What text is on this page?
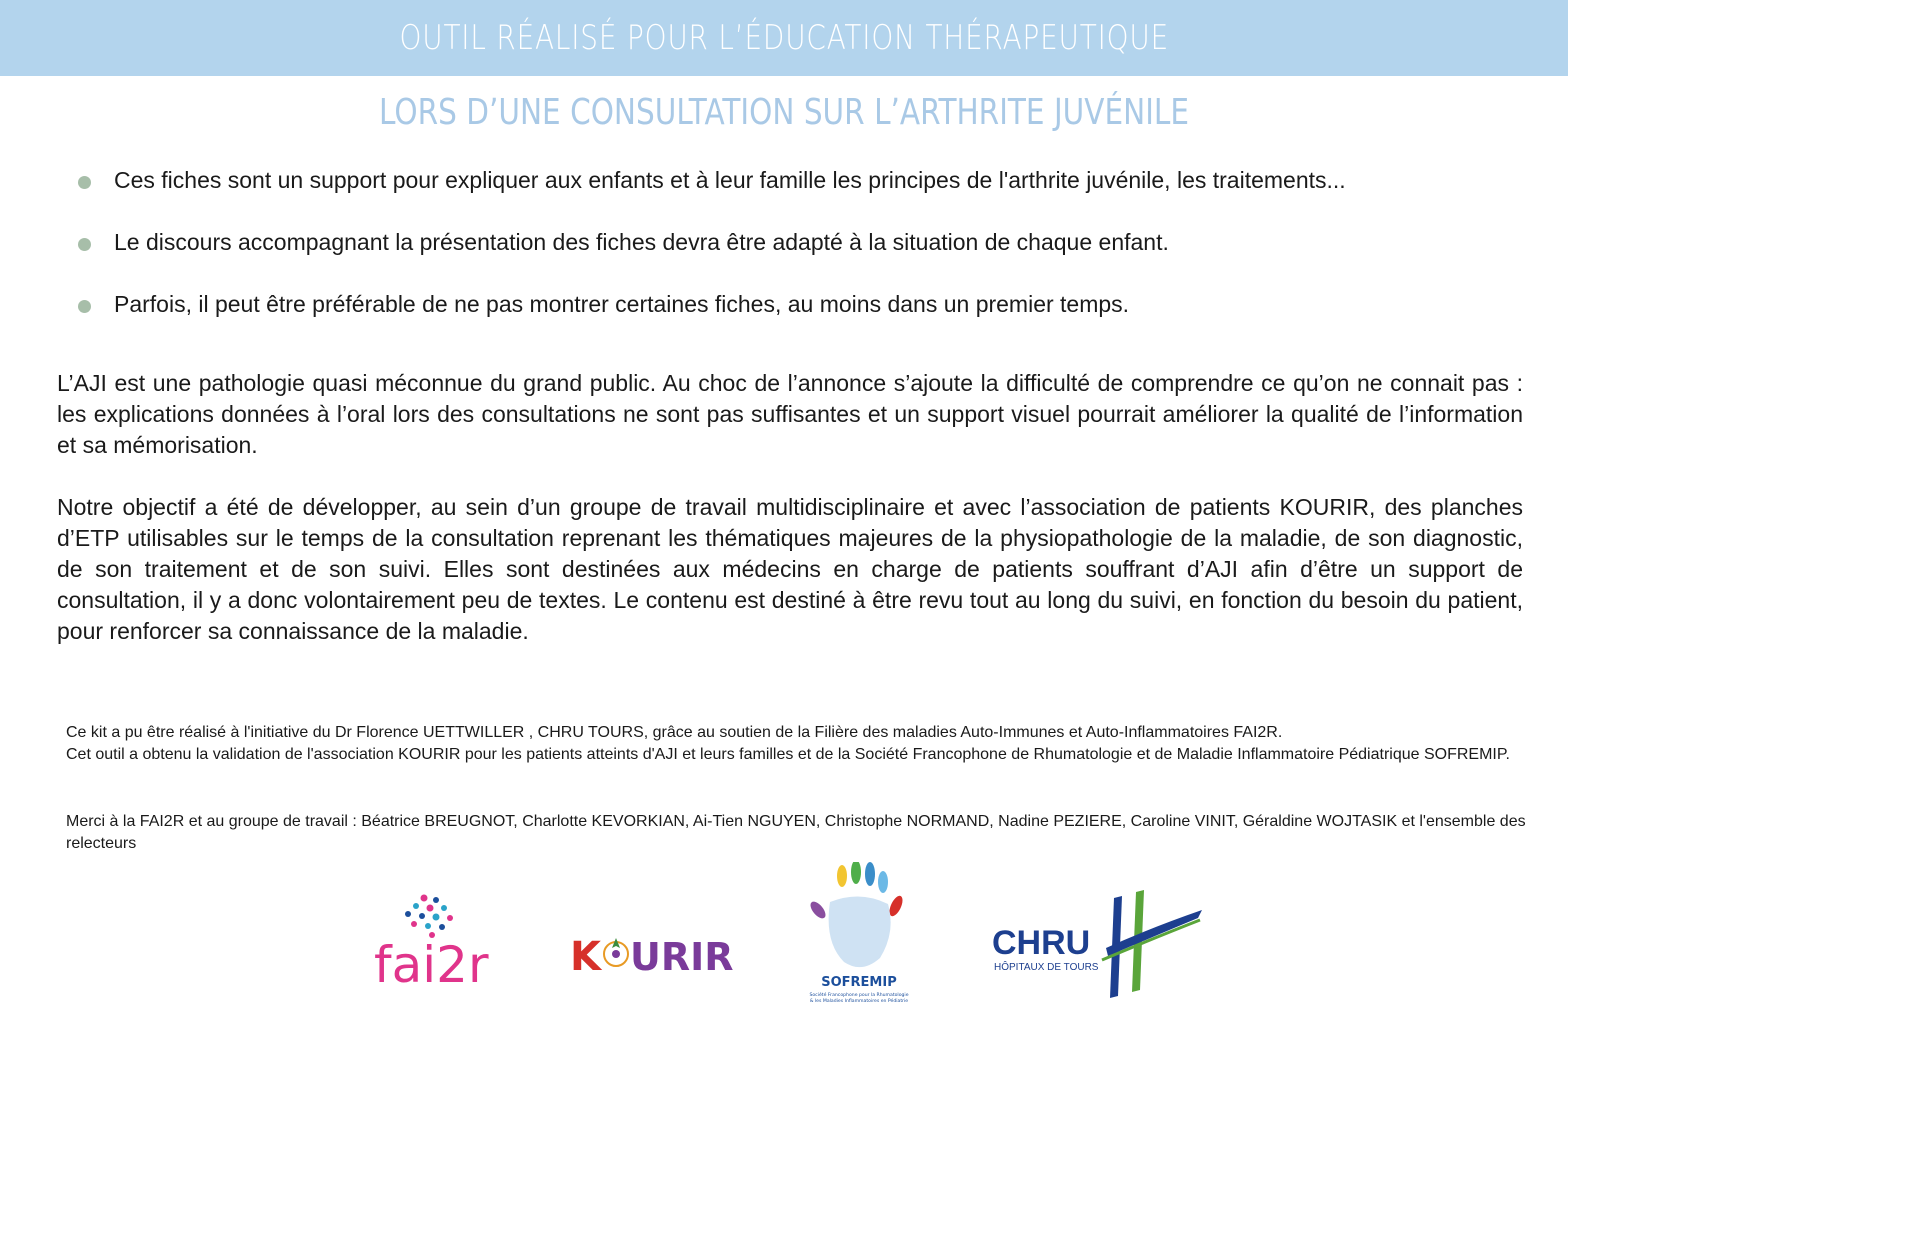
OUTIL RÉALISÉ POUR L’ÉDUCATION THÉRAPEUTIQUE
LORS D’UNE CONSULTATION SUR L’ARTHRITE JUVÉNILE
Ces fiches sont un support pour expliquer aux enfants et à leur famille les principes de l'arthrite juvénile, les traitements...
Le discours accompagnant la présentation des fiches devra être adapté à la situation de chaque enfant.
Parfois, il peut être préférable de ne pas montrer certaines fiches, au moins dans un premier temps.

L’AJI est une pathologie quasi méconnue du grand public. Au choc de l’annonce s’ajoute la difficulté de comprendre ce qu’on ne connait pas : les explications données à l’oral lors des consultations ne sont pas suffisantes et un support visuel pourrait améliorer la qualité de l’information et sa mémorisation.

Notre objectif a été de développer, au sein d’un groupe de travail multidisciplinaire et avec l’association de patients KOURIR, des planches d’ETP utilisables sur le temps de la consultation reprenant les thématiques majeures de la physiopathologie de la maladie, de son diagnostic, de son traitement et de son suivi. Elles sont destinées aux médecins en charge de patients souffrant d’AJI afin d’être un support de consultation, il y a donc volontairement peu de textes. Le contenu est destiné à être revu tout au long du suivi, en fonction du besoin du patient, pour renforcer sa connaissance de la maladie.

Ce kit a pu être réalisé à l'initiative du Dr Florence UETTWILLER , CHRU TOURS, grâce au soutien de la Filière des maladies Auto-Immunes et Auto-Inflammatoires FAI2R.
Cet outil a obtenu la validation de l'association KOURIR pour les patients atteints d'AJI et leurs familles et de la Société Francophone de Rhumatologie et de Maladie Inflammatoire Pédiatrique SOFREMIP.
Merci à la FAI2R et au groupe de travail : Béatrice BREUGNOT, Charlotte KEVORKIAN, Ai-Tien NGUYEN, Christophe NORMAND, Nadine PEZIERE, Caroline VINIT, Géraldine WOJTASIK et l'ensemble des relecteurs
fai2r K URIR
SOFREMIP
Société Francophone pour la Rhumatologie
& les Maladies Inflammatoires en Pédiatrie
CHRU
HÔPITAUX DE TOURS
